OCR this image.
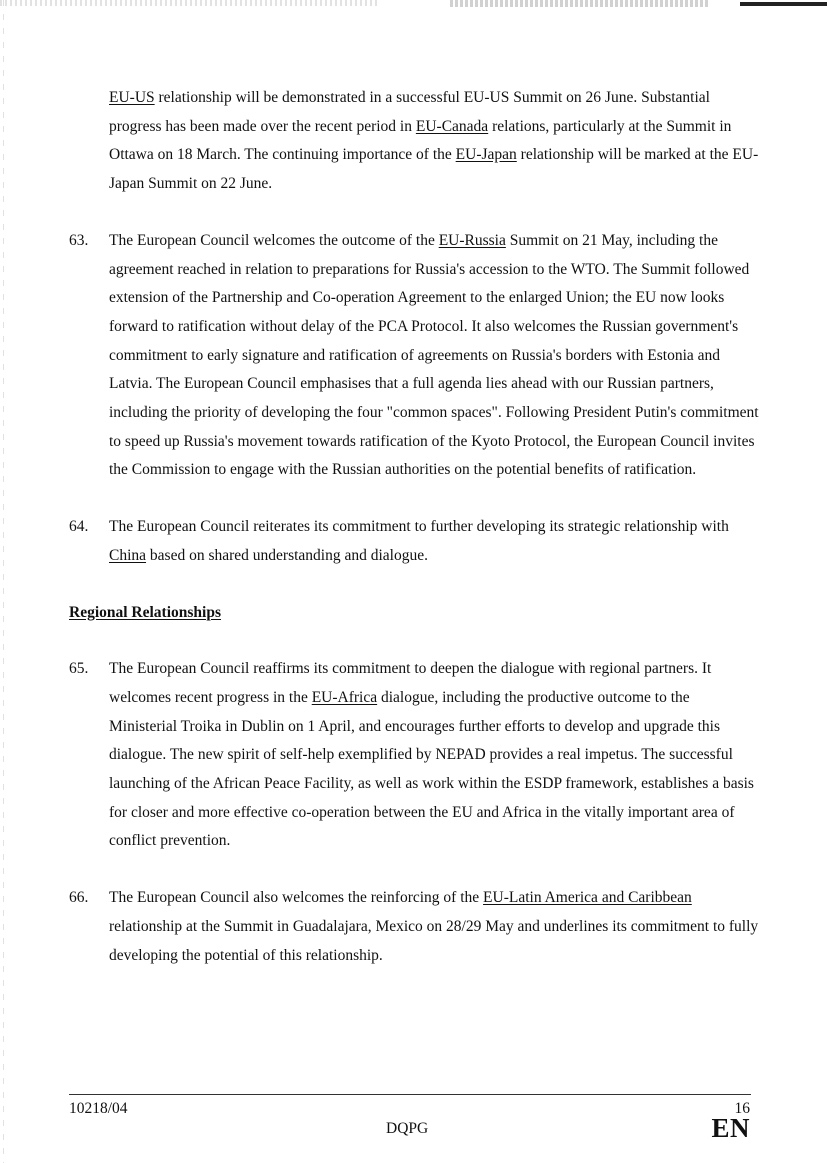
EU-US relationship will be demonstrated in a successful EU-US Summit on 26 June. Substantial progress has been made over the recent period in EU-Canada relations, particularly at the Summit in Ottawa on 18 March. The continuing importance of the EU-Japan relationship will be marked at the EU-Japan Summit on 22 June.

63. The European Council welcomes the outcome of the EU-Russia Summit on 21 May, including the agreement reached in relation to preparations for Russia's accession to the WTO. The Summit followed extension of the Partnership and Co-operation Agreement to the enlarged Union; the EU now looks forward to ratification without delay of the PCA Protocol. It also welcomes the Russian government's commitment to early signature and ratification of agreements on Russia's borders with Estonia and Latvia. The European Council emphasises that a full agenda lies ahead with our Russian partners, including the priority of developing the four "common spaces". Following President Putin's commitment to speed up Russia's movement towards ratification of the Kyoto Protocol, the European Council invites the Commission to engage with the Russian authorities on the potential benefits of ratification.

64. The European Council reiterates its commitment to further developing its strategic relationship with China based on shared understanding and dialogue.

Regional Relationships

65. The European Council reaffirms its commitment to deepen the dialogue with regional partners. It welcomes recent progress in the EU-Africa dialogue, including the productive outcome to the Ministerial Troika in Dublin on 1 April, and encourages further efforts to develop and upgrade this dialogue. The new spirit of self-help exemplified by NEPAD provides a real impetus. The successful launching of the African Peace Facility, as well as work within the ESDP framework, establishes a basis for closer and more effective co-operation between the EU and Africa in the vitally important area of conflict prevention.

66. The European Council also welcomes the reinforcing of the EU-Latin America and Caribbean relationship at the Summit in Guadalajara, Mexico on 28/29 May and underlines its commitment to fully developing the potential of this relationship.

10218/04
DQPG
16
EN
